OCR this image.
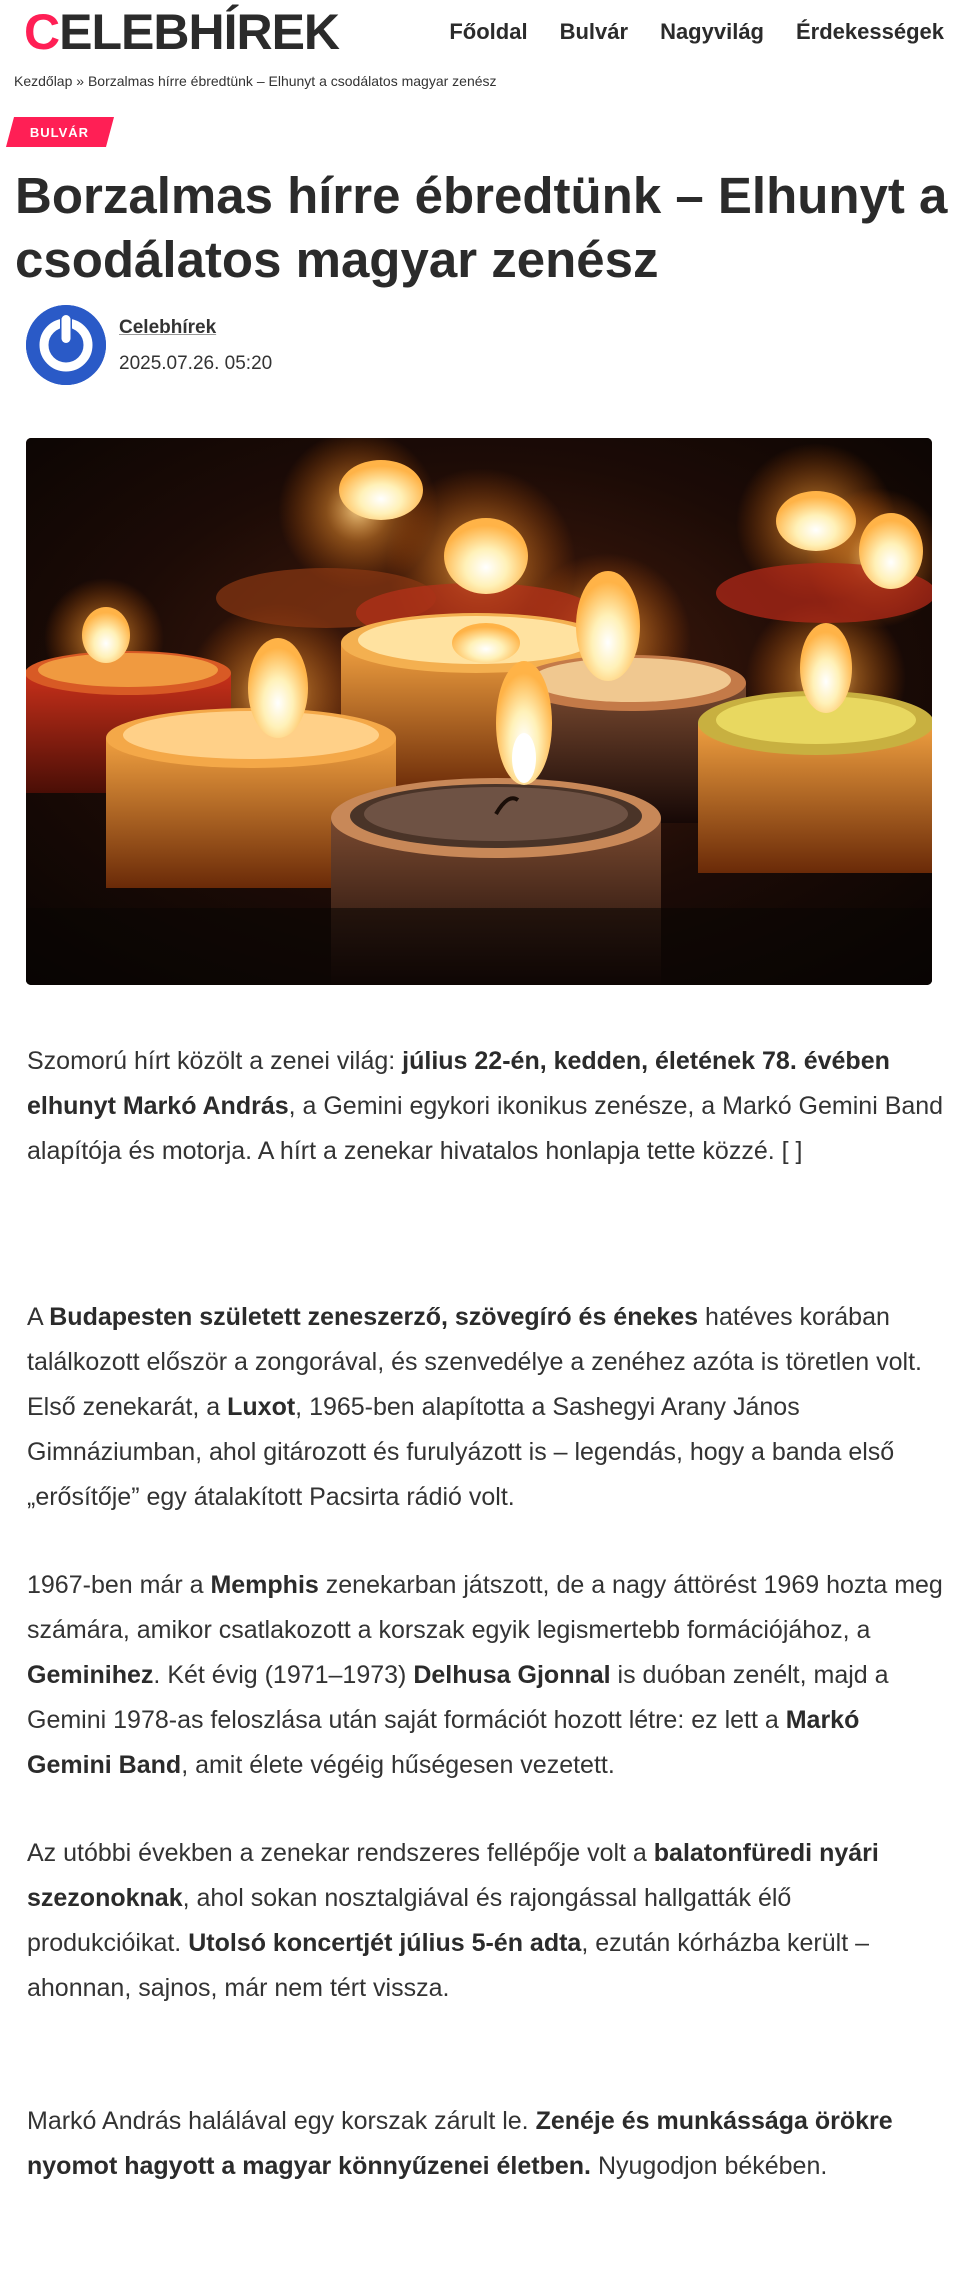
CELEBHÍREK	Főoldal Bulvár Nagyvilág Érdekességek
Kezdőlap » Borzalmas hírre ébredtünk – Elhunyt a csodálatos magyar zenész
BULVÁR
Borzalmas hírre ébredtünk – Elhunyt a csodálatos magyar zenész
Celebhírek
2025.07.26. 05:20

Szomorú hírt közölt a zenei világ: július 22-én, kedden, életének 78. évében elhunyt Markó András, a Gemini egykori ikonikus zenésze, a Markó Gemini Band alapítója és motorja. A hírt a zenekar hivatalos honlapja tette közzé. [ ]

A Budapesten született zeneszerző, szövegíró és énekes hatéves korában találkozott először a zongorával, és szenvedélye a zenéhez azóta is töretlen volt. Első zenekarát, a Luxot, 1965-ben alapította a Sashegyi Arany János Gimnáziumban, ahol gitározott és furulyázott is – legendás, hogy a banda első „erősítője” egy átalakított Pacsirta rádió volt.

1967-ben már a Memphis zenekarban játszott, de a nagy áttörést 1969 hozta meg számára, amikor csatlakozott a korszak egyik legismertebb formációjához, a Geminihez. Két évig (1971–1973) Delhusa Gjonnal is duóban zenélt, majd a Gemini 1978-as feloszlása után saját formációt hozott létre: ez lett a Markó Gemini Band, amit élete végéig hűségesen vezetett.

Az utóbbi években a zenekar rendszeres fellépője volt a balatonfüredi nyári szezonoknak, ahol sokan nosztalgiával és rajongással hallgatták élő produkcióikat. Utolsó koncertjét július 5-én adta, ezután kórházba került – ahonnan, sajnos, már nem tért vissza.

Markó András halálával egy korszak zárult le. Zenéje és munkássága örökre nyomot hagyott a magyar könnyűzenei életben. Nyugodjon békében.
